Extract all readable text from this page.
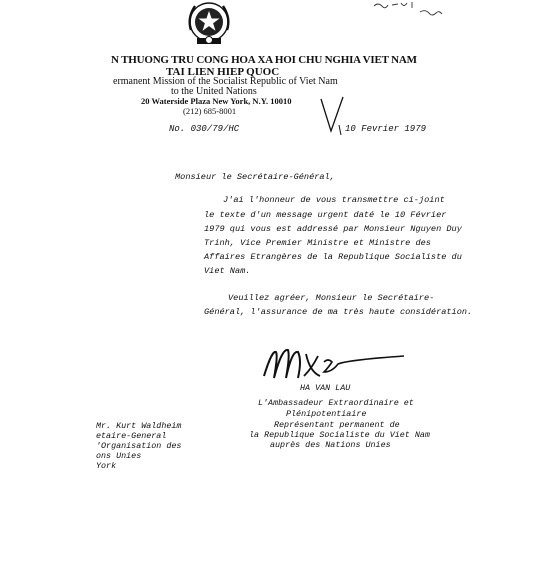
N THUONG TRU CONG HOA XA HOI CHU NGHIA VIET NAM
TAI LIEN HIEP QUOC
ermanent Mission of the Socialist Republic of Viet Nam
to the United Nations
20 Waterside Plaza New York, N.Y. 10010
(212) 685-8001
No. 030/79/HC	10 Fevrier 1979
Monsieur le Secrétaire-Général,
J'ai l'honneur de vous transmettre ci-joint
le texte d'un message urgent daté le 10 Février
1979 qui vous est addressé par Monsieur Nguyen Duy
Trinh, Vice Premier Ministre et Ministre des
Affaires Etrangères de la Republique Socialiste du
Viet Nam.
Veuillez agréer, Monsieur le Secrétaire-
Général, l'assurance de ma très haute considération.
HA VAN LAU
L'Ambassadeur Extraordinaire et
Plénipotentiaire
Représentant permanent de
la Republique Socialiste du Viet Nam
auprès des Nations Unies
Mr. Kurt Waldheim
etaire-General
'Organisation des
ons Unies
York
